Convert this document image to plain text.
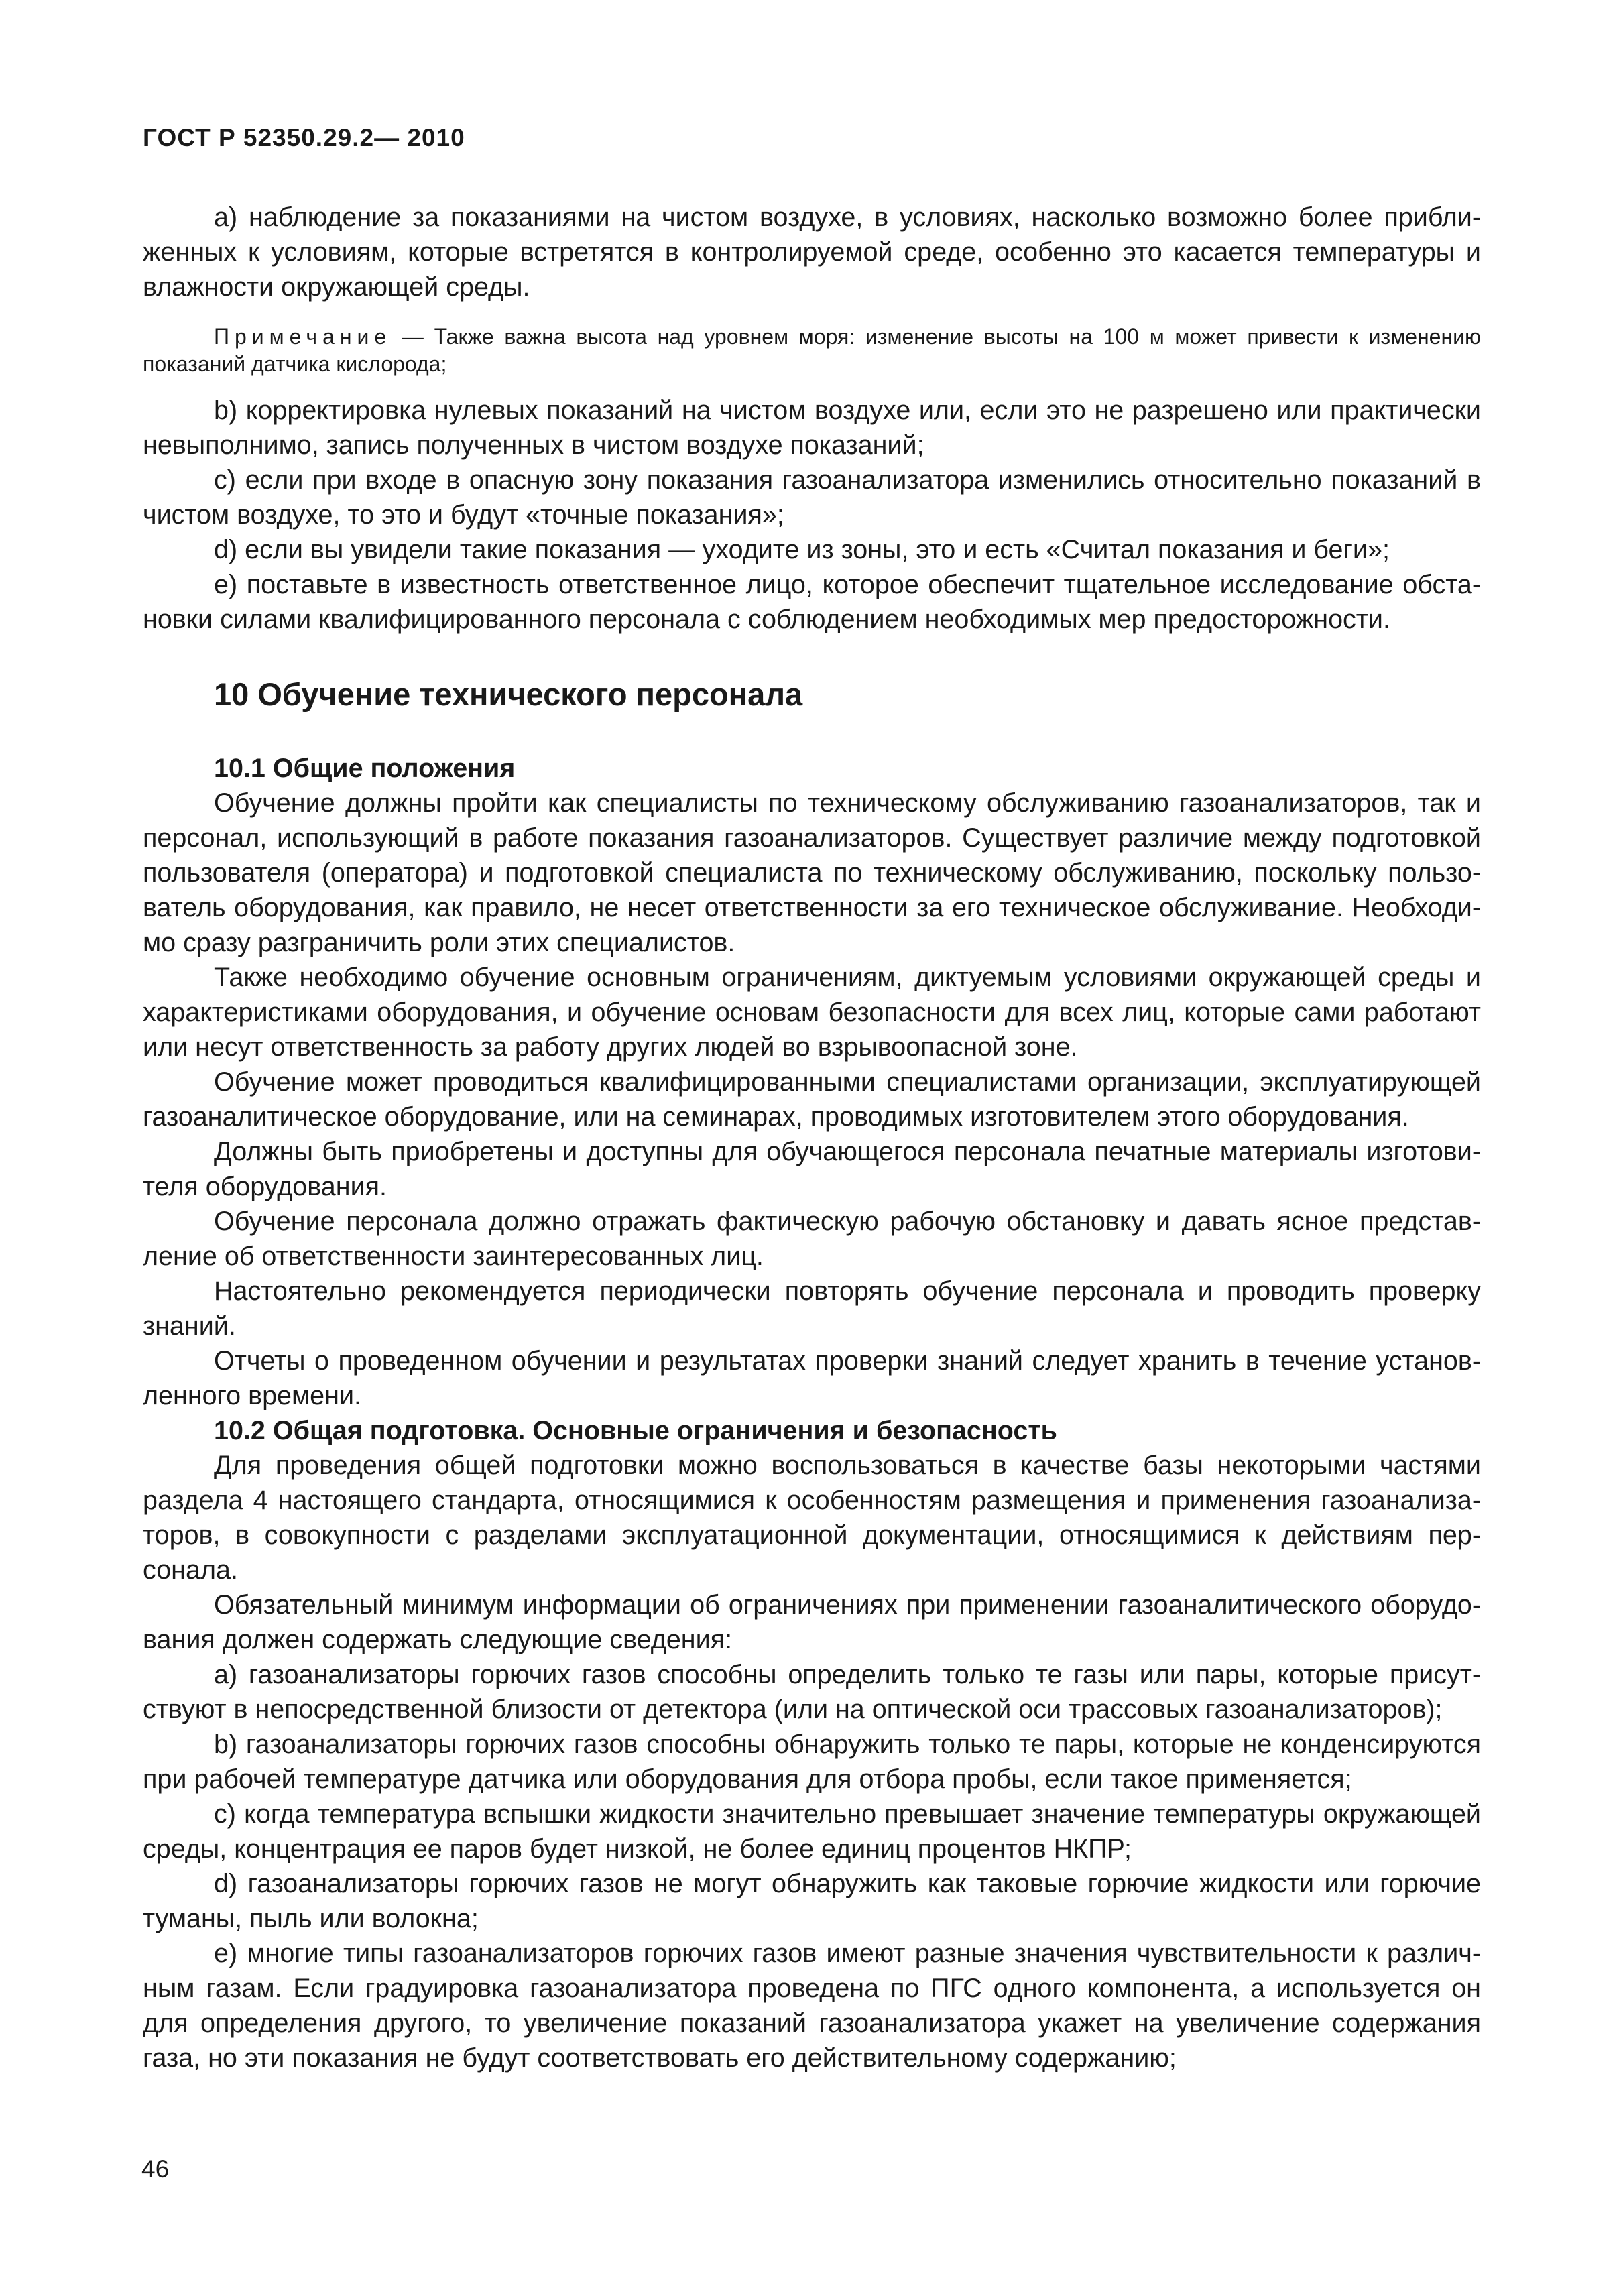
ГОСТ Р 52350.29.2— 2010

а) наблюдение за показаниями на чистом воздухе, в условиях, насколько возможно более прибли-женных к условиям, которые встретятся в контролируемой среде, особенно это касается температуры и влажности окружающей среды.

Примечание — Также важна высота над уровнем моря: изменение высоты на 100 м может привести к изменению показаний датчика кислорода;

b) корректировка нулевых показаний на чистом воздухе или, если это не разрешено или практически невыполнимо, запись полученных в чистом воздухе показаний;

с) если при входе в опасную зону показания газоанализатора изменились относительно показаний в чистом воздухе, то это и будут «точные показания»;

d) если вы увидели такие показания — уходите из зоны, это и есть «Считал показания и беги»;

е) поставьте в известность ответственное лицо, которое обеспечит тщательное исследование обста-новки силами квалифицированного персонала с соблюдением необходимых мер предосторожности.

10 Обучение технического персонала
10.1 Общие положения

Обучение должны пройти как специалисты по техническому обслуживанию газоанализаторов, так и персонал, использующий в работе показания газоанализаторов. Существует различие между подготовкой пользователя (оператора) и подготовкой специалиста по техническому обслуживанию, поскольку пользо-ватель оборудования, как правило, не несет ответственности за его техническое обслуживание. Необходи-мо сразу разграничить роли этих специалистов.

Также необходимо обучение основным ограничениям, диктуемым условиями окружающей среды и характеристиками оборудования, и обучение основам безопасности для всех лиц, которые сами работают или несут ответственность за работу других людей во взрывоопасной зоне.

Обучение может проводиться квалифицированными специалистами организации, эксплуатирующей газоаналитическое оборудование, или на семинарах, проводимых изготовителем этого оборудования.

Должны быть приобретены и доступны для обучающегося персонала печатные материалы изготови-теля оборудования.

Обучение персонала должно отражать фактическую рабочую обстановку и давать ясное представ-ление об ответственности заинтересованных лиц.

Настоятельно рекомендуется периодически повторять обучение персонала и проводить проверку знаний.

Отчеты о проведенном обучении и результатах проверки знаний следует хранить в течение установ-ленного времени.

10.2 Общая подготовка. Основные ограничения и безопасность

Для проведения общей подготовки можно воспользоваться в качестве базы некоторыми частями раздела 4 настоящего стандарта, относящимися к особенностям размещения и применения газоанализа-торов, в совокупности с разделами эксплуатационной документации, относящимися к действиям пер-сонала.

Обязательный минимум информации об ограничениях при применении газоаналитического оборудо-вания должен содержать следующие сведения:

а) газоанализаторы горючих газов способны определить только те газы или пары, которые присут-ствуют в непосредственной близости от детектора (или на оптической оси трассовых газоанализаторов);

b) газоанализаторы горючих газов способны обнаружить только те пары, которые не конденсируются при рабочей температуре датчика или оборудования для отбора пробы, если такое применяется;

с) когда температура вспышки жидкости значительно превышает значение температуры окружающей среды, концентрация ее паров будет низкой, не более единиц процентов НКПР;

d) газоанализаторы горючих газов не могут обнаружить как таковые горючие жидкости или горючие туманы, пыль или волокна;

е) многие типы газоанализаторов горючих газов имеют разные значения чувствительности к различ-ным газам. Если градуировка газоанализатора проведена по ПГС одного компонента, а используется он для определения другого, то увеличение показаний газоанализатора укажет на увеличение содержания газа, но эти показания не будут соответствовать его действительному содержанию;

46
